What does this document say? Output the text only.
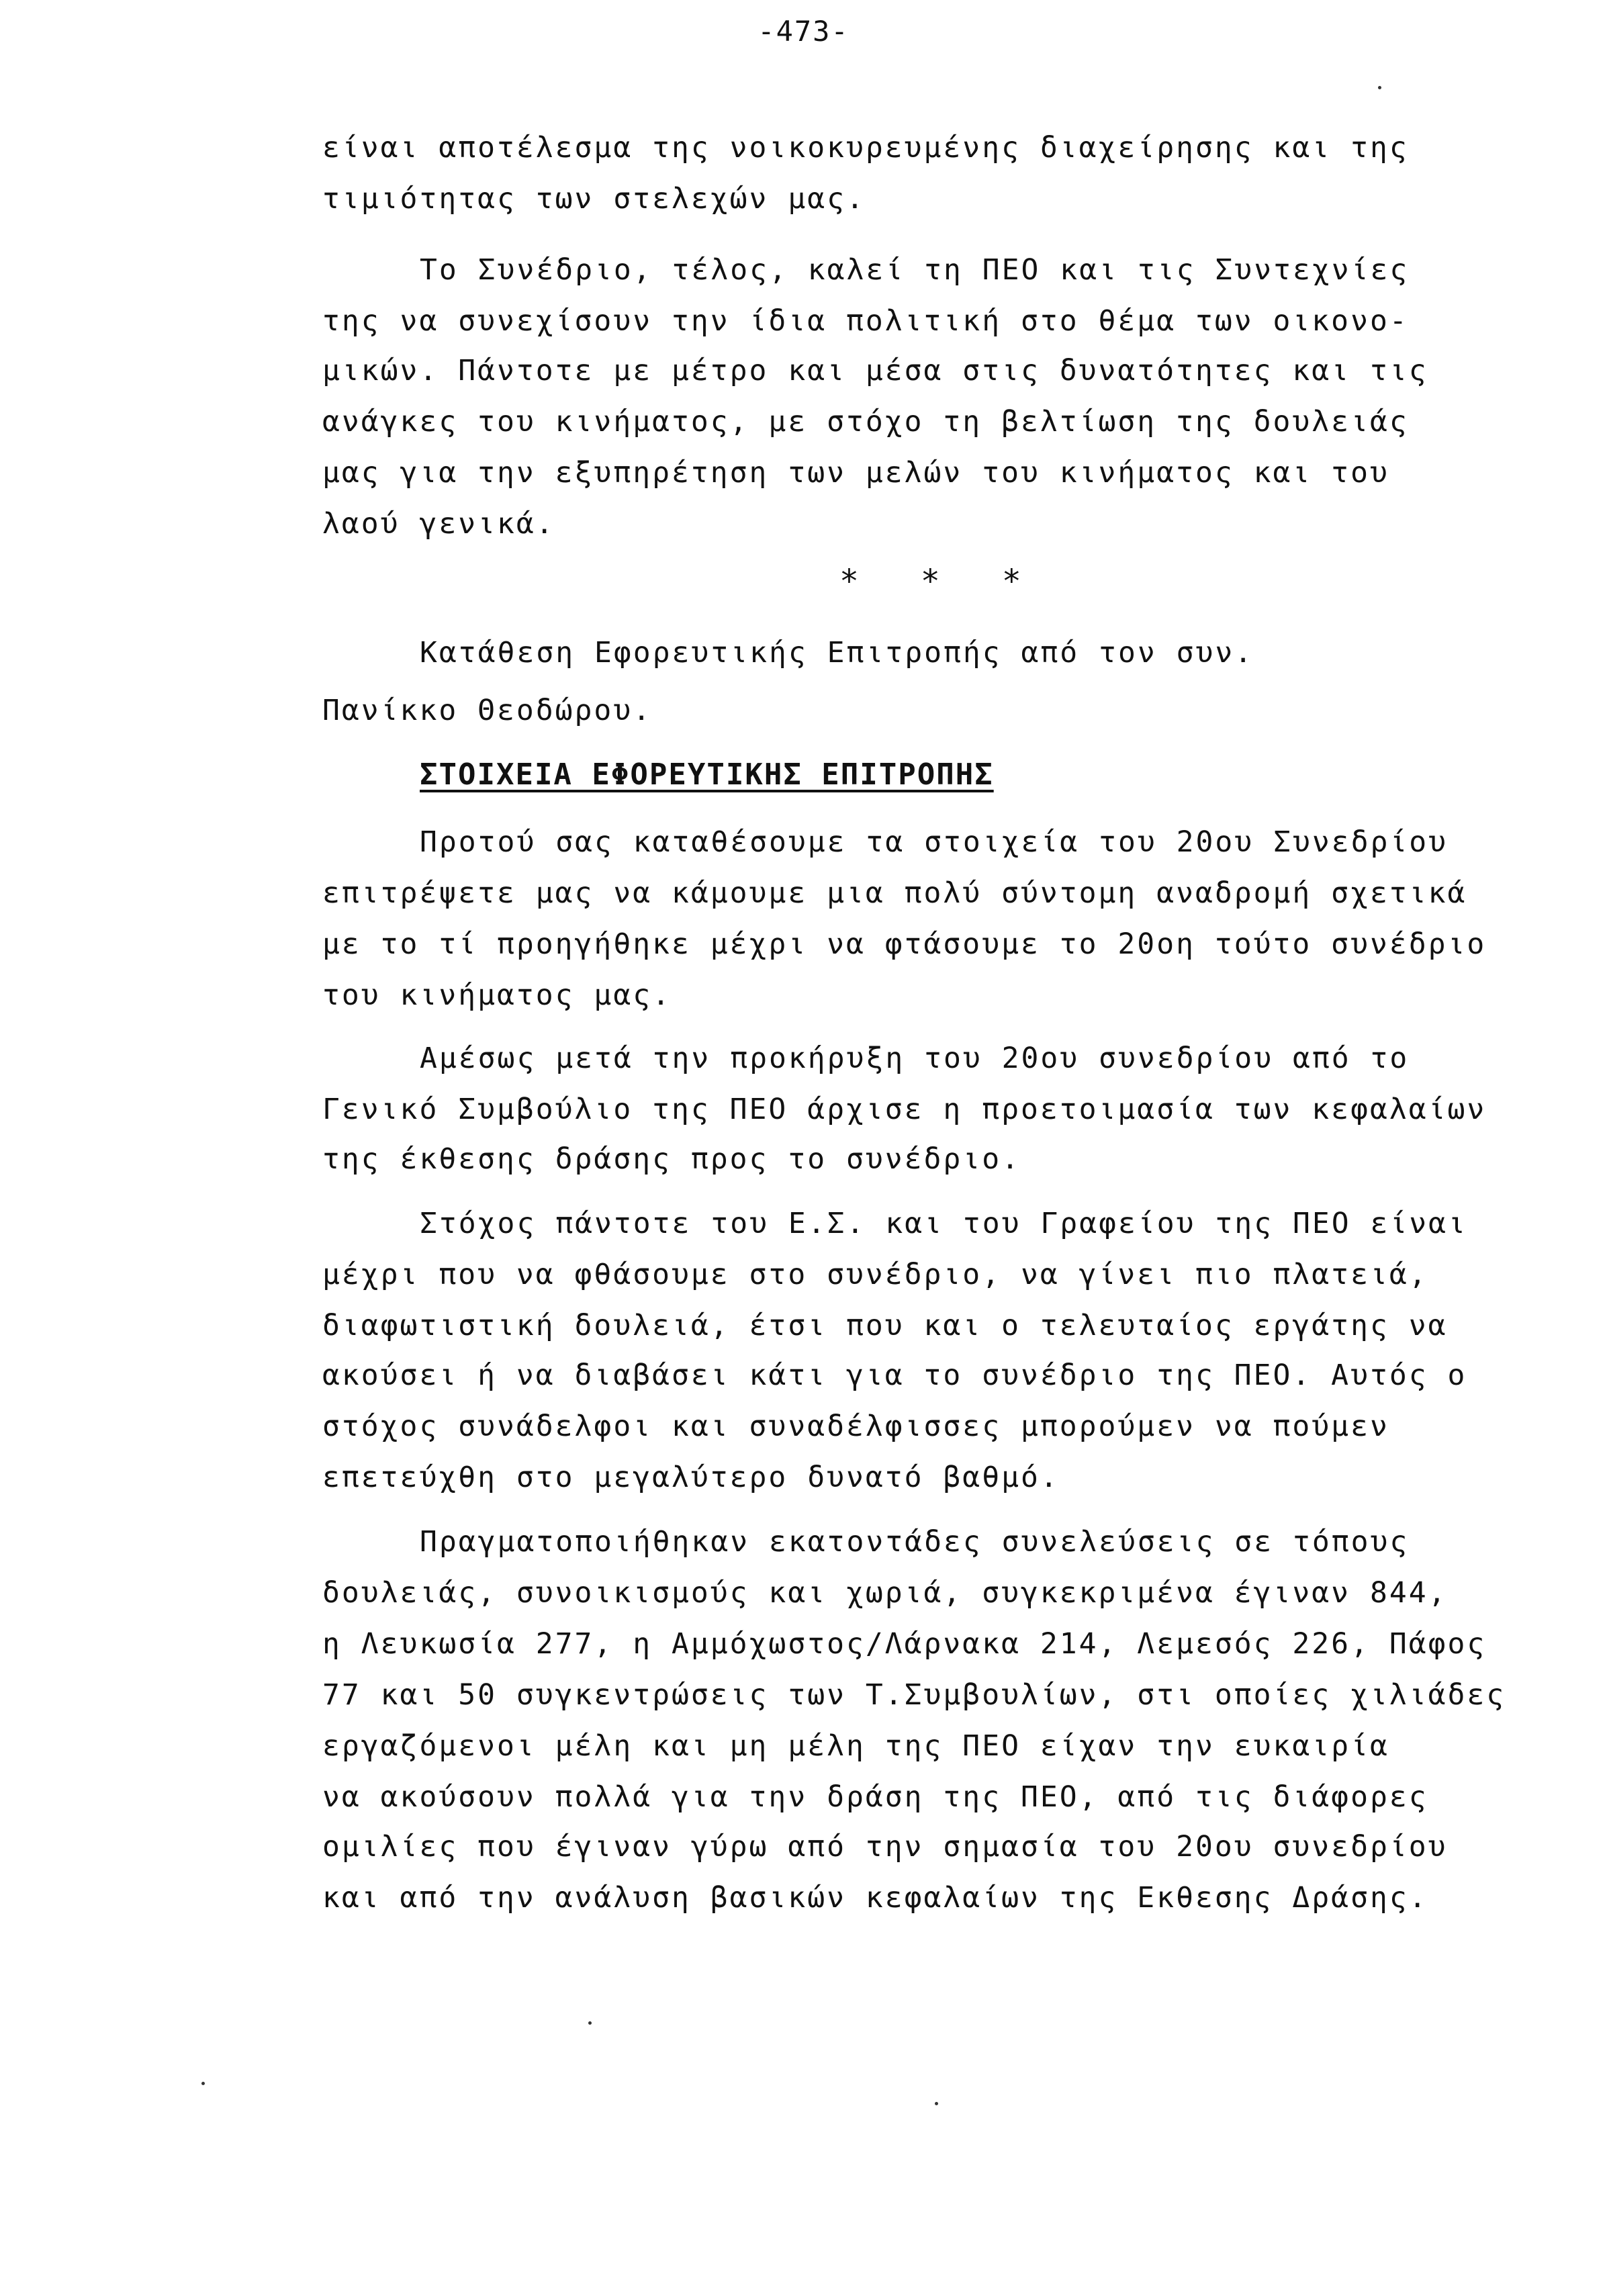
-473-
είναι αποτέλεσμα της νοικοκυρευμένης διαχείρησης και της
τιμιότητας των στελεχών μας.
Το Συνέδριο, τέλος, καλεί τη ΠΕΟ και τις Συντεχνίες
της να συνεχίσουν την ίδια πολιτική στο θέμα των οικονο-
μικών. Πάντοτε με μέτρο και μέσα στις δυνατότητες και τις
ανάγκες του κινήματος, με στόχο τη βελτίωση της δουλειάς
μας για την εξυπηρέτηση των μελών του κινήματος και του
λαού γενικά.
* * *
Κατάθεση Εφορευτικής Επιτροπής από τον συν.
Πανίκκο Θεοδώρου.
ΣΤΟΙΧΕΙΑ ΕΦΟΡΕΥΤΙΚΗΣ ΕΠΙΤΡΟΠΗΣ
Προτού σας καταθέσουμε τα στοιχεία του 20ου Συνεδρίου
επιτρέψετε μας να κάμουμε μια πολύ σύντομη αναδρομή σχετικά
με το τί προηγήθηκε μέχρι να φτάσουμε το 20οη τούτο συνέδριο
του κινήματος μας.
Αμέσως μετά την προκήρυξη του 20ου συνεδρίου από το
Γενικό Συμβούλιο της ΠΕΟ άρχισε η προετοιμασία των κεφαλαίων
της έκθεσης δράσης προς το συνέδριο.
Στόχος πάντοτε του Ε.Σ. και του Γραφείου της ΠΕΟ είναι
μέχρι που να φθάσουμε στο συνέδριο, να γίνει πιο πλατειά,
διαφωτιστική δουλειά, έτσι που και ο τελευταίος εργάτης να
ακούσει ή να διαβάσει κάτι για το συνέδριο της ΠΕΟ. Αυτός ο
στόχος συνάδελφοι και συναδέλφισσες μπορούμεν να πούμεν
επετεύχθη στο μεγαλύτερο δυνατό βαθμό.
Πραγματοποιήθηκαν εκατοντάδες συνελεύσεις σε τόπους
δουλειάς, συνοικισμούς και χωριά, συγκεκριμένα έγιναν 844,
η Λευκωσία 277, η Αμμόχωστος/Λάρνακα 214, Λεμεσός 226, Πάφος
77 και 50 συγκεντρώσεις των Τ.Συμβουλίων, στι οποίες χιλιάδες
εργαζόμενοι μέλη και μη μέλη της ΠΕΟ είχαν την ευκαιρία
να ακούσουν πολλά για την δράση της ΠΕΟ, από τις διάφορες
ομιλίες που έγιναν γύρω από την σημασία του 20ου συνεδρίου
και από την ανάλυση βασικών κεφαλαίων της Εκθεσης Δράσης.
